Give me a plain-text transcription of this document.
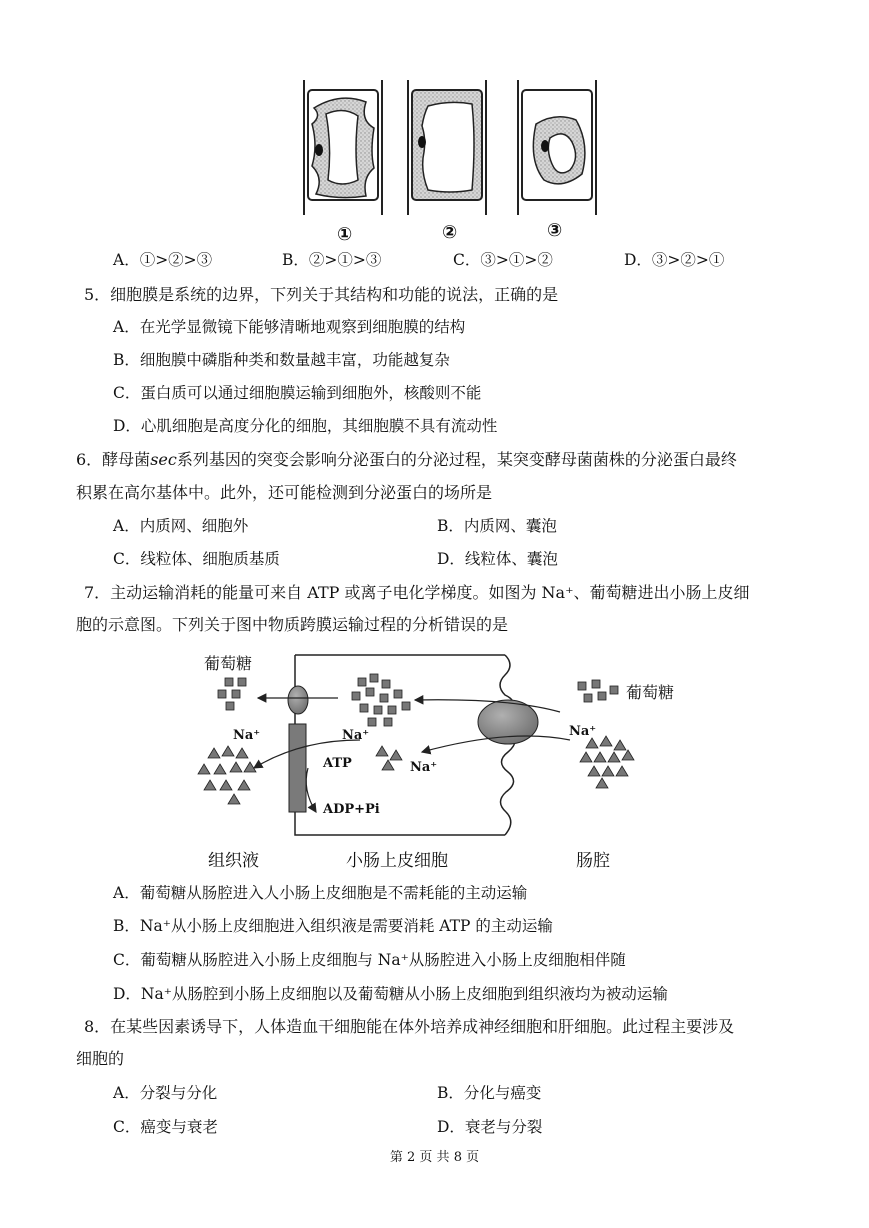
①	②	③
A．①>②>③	B．②>①>③	C．③>①>②	D．③>②>①
5．细胞膜是系统的边界，下列关于其结构和功能的说法，正确的是
A．在光学显微镜下能够清晰地观察到细胞膜的结构
B．细胞膜中磷脂种类和数量越丰富，功能越复杂
C．蛋白质可以通过细胞膜运输到细胞外，核酸则不能
D．心肌细胞是高度分化的细胞，其细胞膜不具有流动性
6．酵母菌sec系列基因的突变会影响分泌蛋白的分泌过程，某突变酵母菌菌株的分泌蛋白最终
积累在高尔基体中。此外，还可能检测到分泌蛋白的场所是
A．内质网、细胞外	B．内质网、囊泡
C．线粒体、细胞质基质	D．线粒体、囊泡
7．主动运输消耗的能量可来自 ATP 或离子电化学梯度。如图为 Na⁺、葡萄糖进出小肠上皮细
胞的示意图。下列关于图中物质跨膜运输过程的分析错误的是
葡萄糖
葡萄糖
Na⁺	Na⁺
Na⁺
Na⁺
ATP
ADP+Pi
组织液	小肠上皮细胞	肠腔
A．葡萄糖从肠腔进入人小肠上皮细胞是不需耗能的主动运输
B．Na⁺从小肠上皮细胞进入组织液是需要消耗 ATP 的主动运输
C．葡萄糖从肠腔进入小肠上皮细胞与 Na⁺从肠腔进入小肠上皮细胞相伴随
D．Na⁺从肠腔到小肠上皮细胞以及葡萄糖从小肠上皮细胞到组织液均为被动运输
8．在某些因素诱导下，人体造血干细胞能在体外培养成神经细胞和肝细胞。此过程主要涉及
细胞的
A．分裂与分化	B．分化与癌变
C．癌变与衰老	D．衰老与分裂
第 2 页 共 8 页
